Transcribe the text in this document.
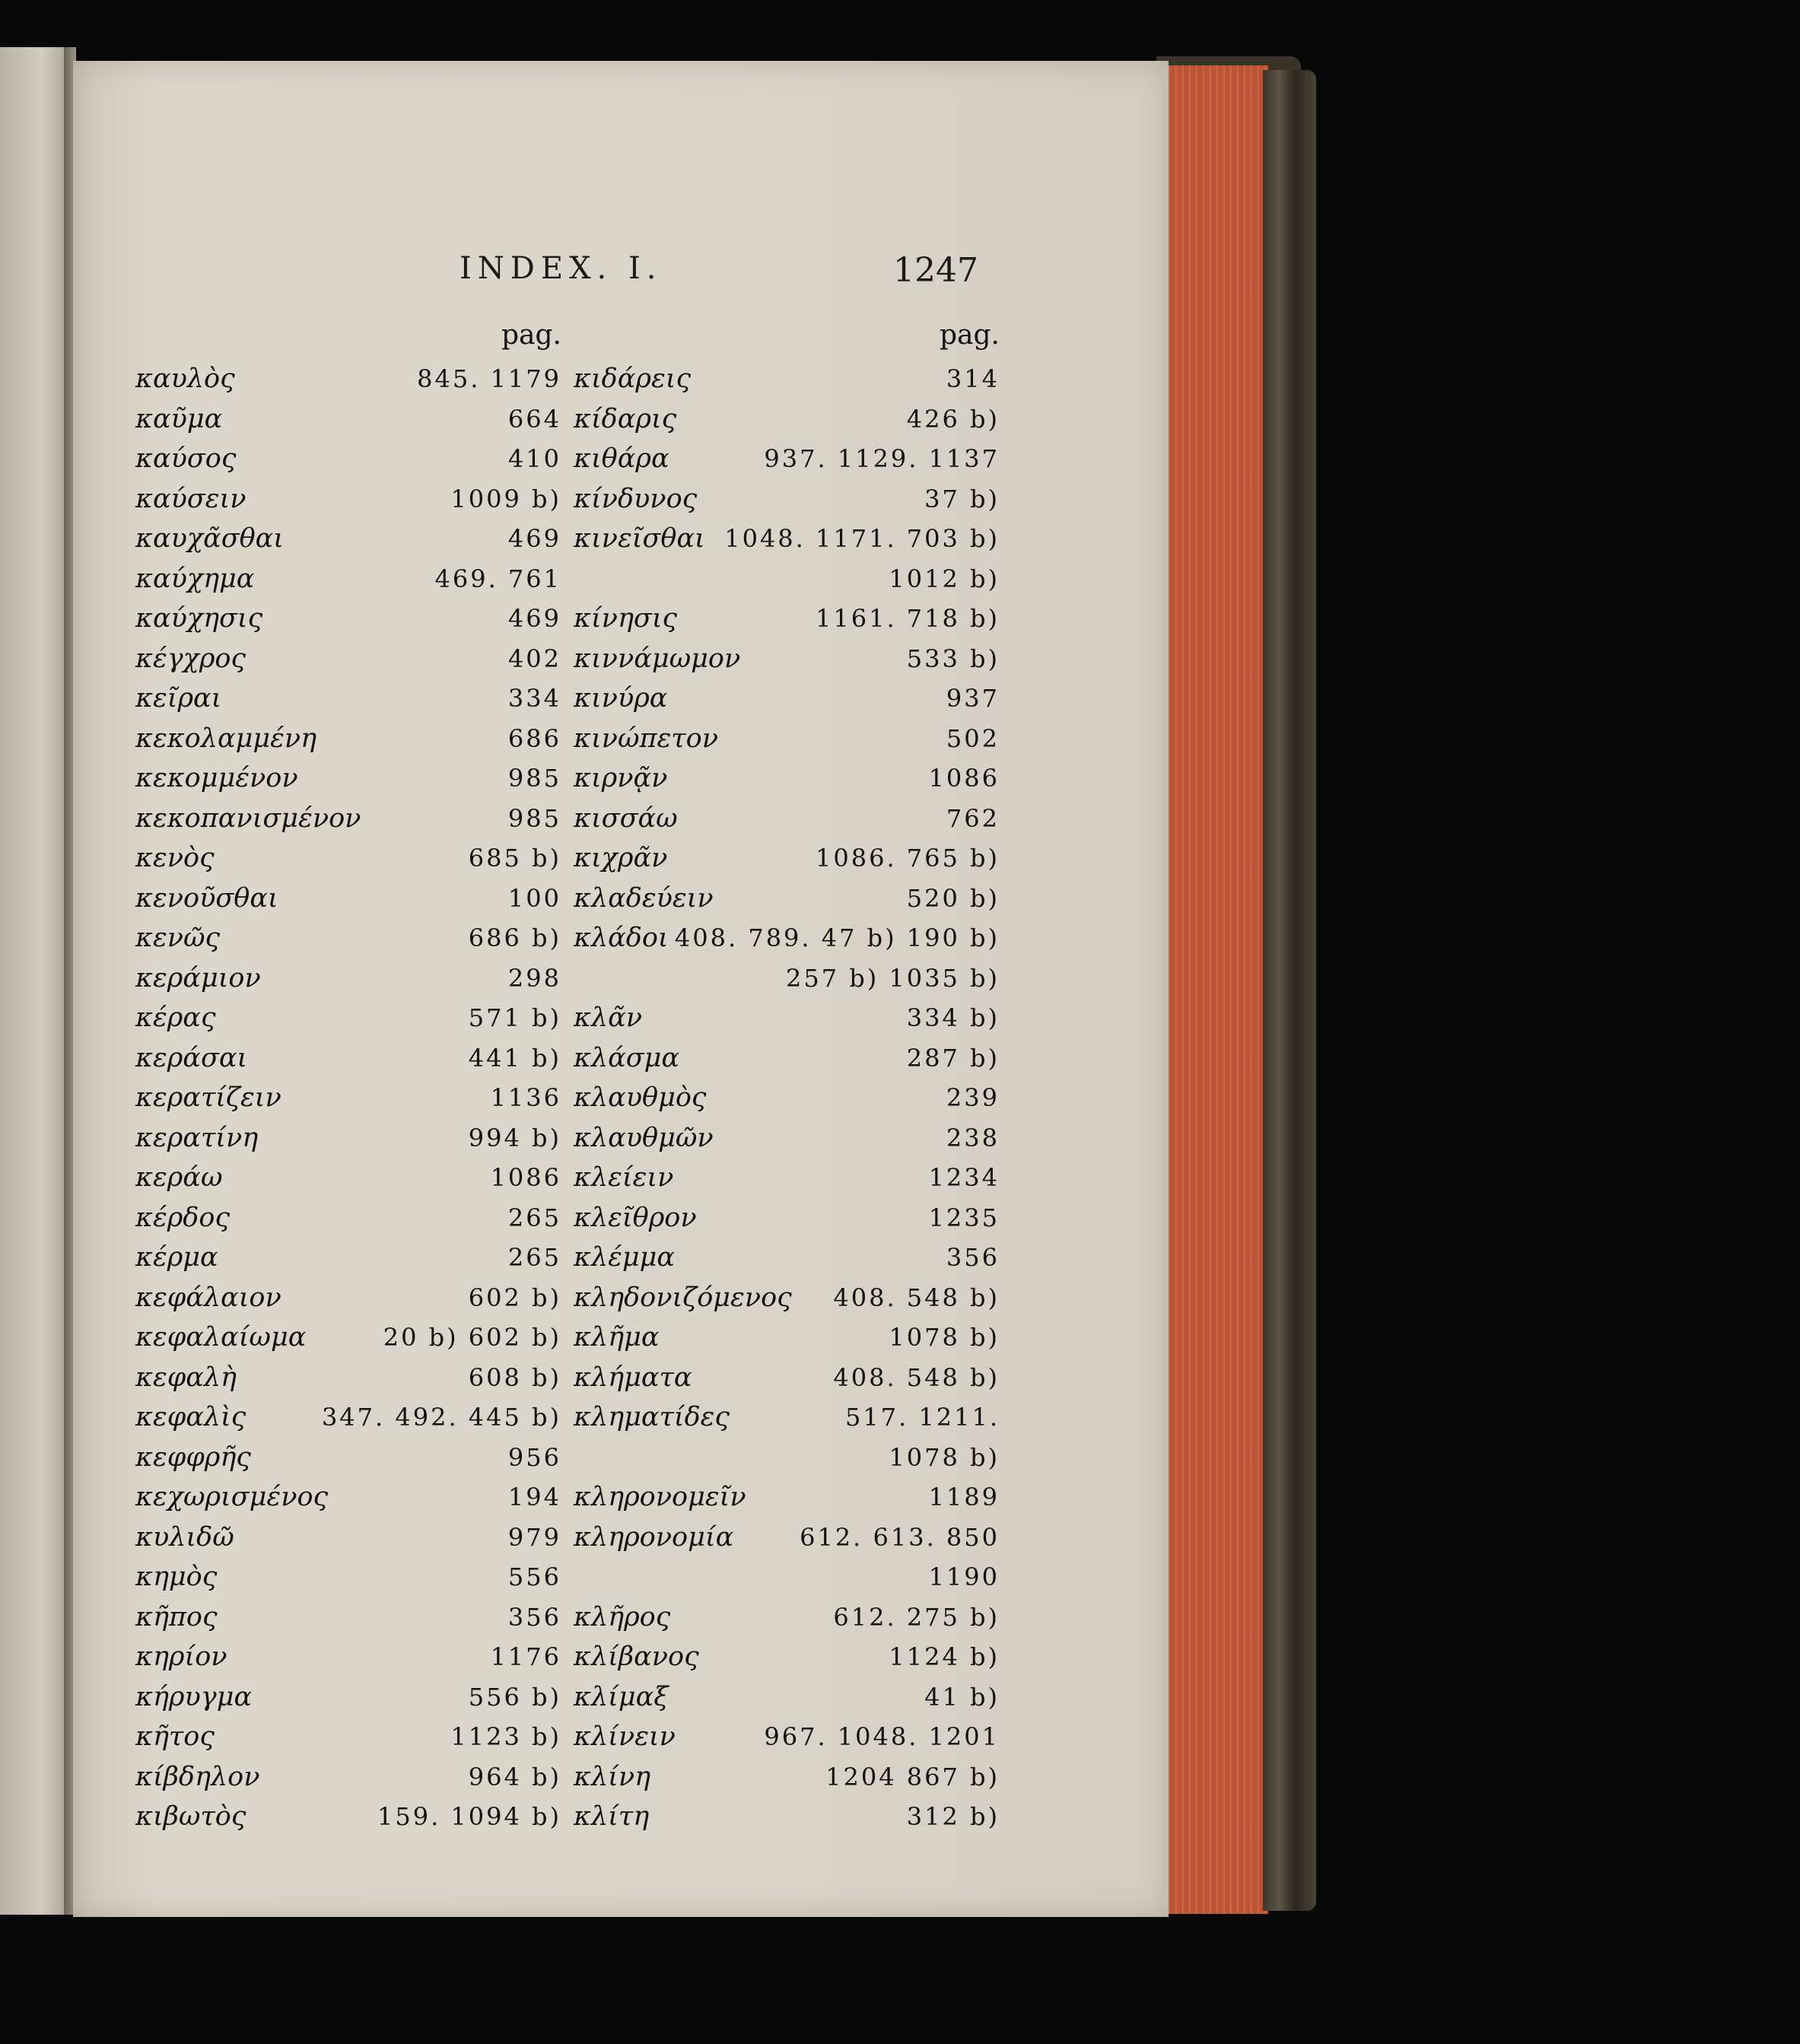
INDEX. I.	1247
pag.
καυλὸς	845. 1179
καῦμα	664
καύσος	410
καύσειν	1009 b)
καυχᾶσθαι	469
καύχημα	469. 761
καύχησις	469
κέγχρος	402
κεῖραι	334
κεκολαμμένη	686
κεκομμένον	985
κεκοπανισμένον	985
κενὸς	685 b)
κενοῦσθαι	100
κενῶς	686 b)
κεράμιον	298
κέρας	571 b)
κεράσαι	441 b)
κερατίζειν	1136
κερατίνη	994 b)
κεράω	1086
κέρδος	265
κέρμα	265
κεφάλαιον	602 b)
κεφαλαίωμα	20 b) 602 b)
κεφαλὴ	608 b)
κεφαλὶς	347. 492. 445 b)
κεφφρῆς	956
κεχωρισμένος	194
κυλιδῶ	979
κημὸς	556
κῆπος	356
κηρίον	1176
κήρυγμα	556 b)
κῆτος	1123 b)
κίβδηλον	964 b)
κιβωτὸς	159. 1094 b)
pag.
κιδάρεις	314
κίδαρις	426 b)
κιθάρα	937. 1129. 1137
κίνδυνος	37 b)
κινεῖσθαι 1048. 1171. 703 b)
1012 b)
κίνησις	1161. 718 b)
κιννάμωμον	533 b)
κινύρα	937
κινώπετον	502
κιρνᾷν	1086
κισσάω	762
κιχρᾶν	1086. 765 b)
κλαδεύειν	520 b)
κλάδοι 408. 789. 47 b) 190 b)
257 b) 1035 b)
κλᾶν	334 b)
κλάσμα	287 b)
κλαυθμὸς	239
κλαυθμῶν	238
κλείειν	1234
κλεῖθρον	1235
κλέμμα	356
κληδονιζόμενος 408. 548 b)
κλῆμα	1078 b)
κλήματα	408. 548 b)
κληματίδες	517. 1211.
1078 b)
κληρονομεῖν	1189
κληρονομία	612. 613. 850
1190
κλῆρος	612. 275 b)
κλίβανος	1124 b)
κλίμαξ	41 b)
κλίνειν	967. 1048. 1201
κλίνη	1204 867 b)
κλίτη	312 b)
